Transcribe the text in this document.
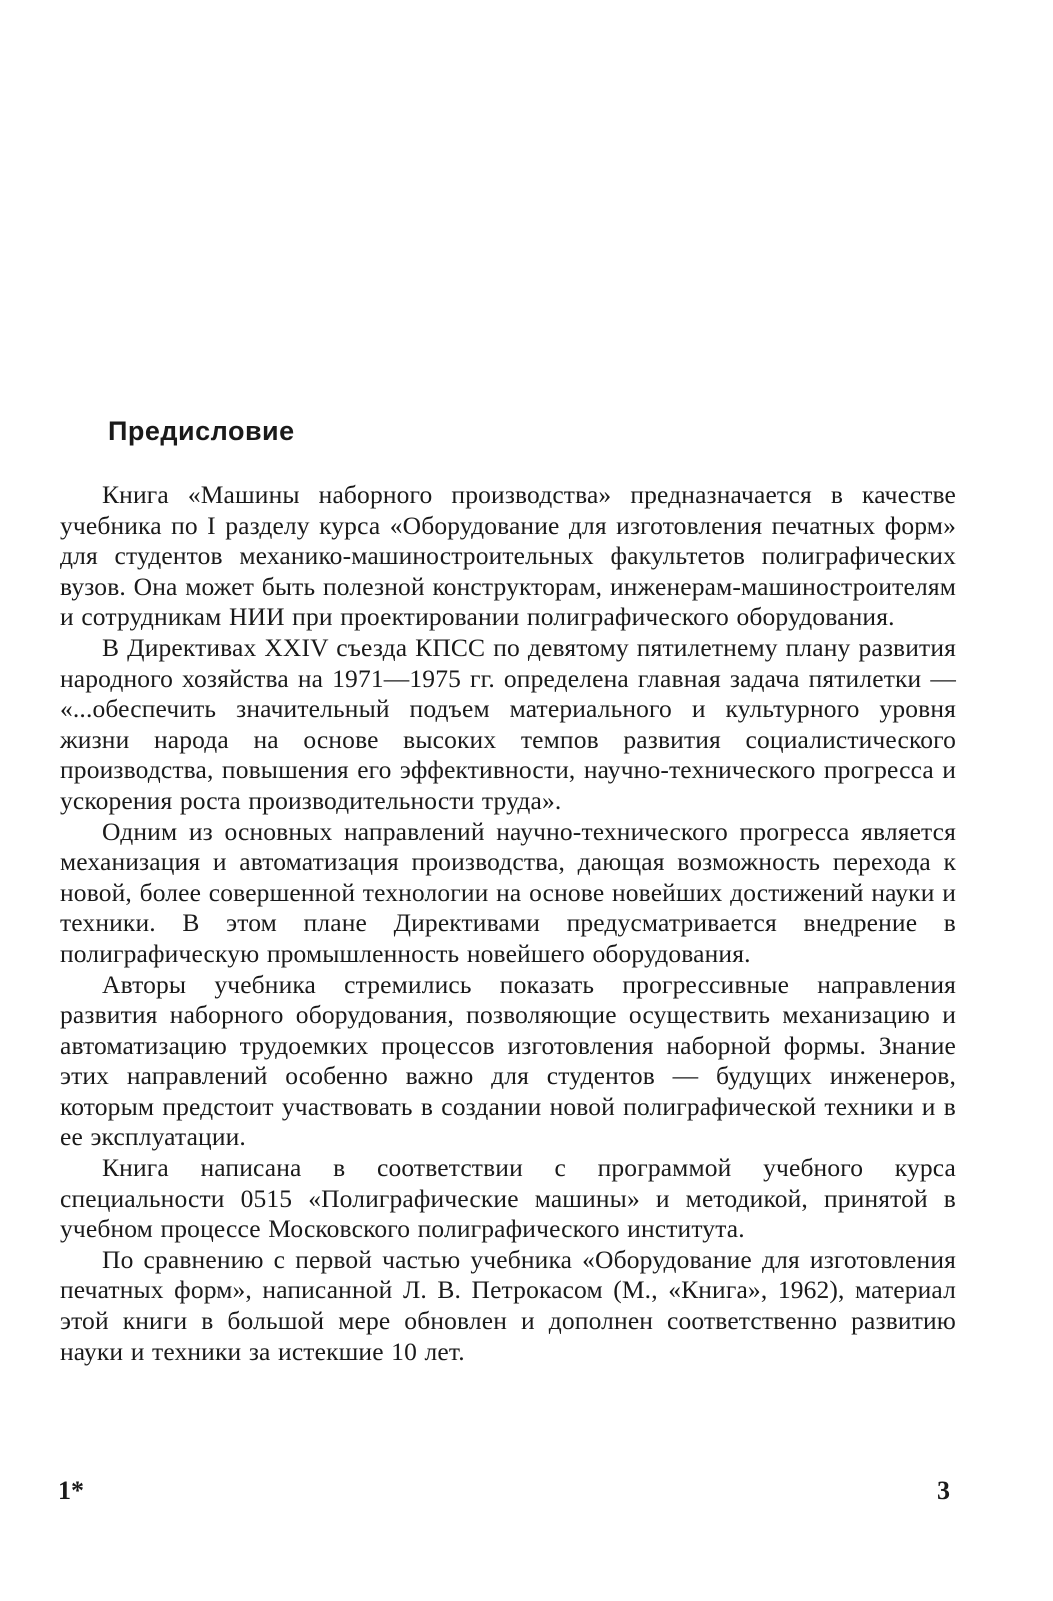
Предисловие

Книга «Машины наборного производства» предназначается в качестве учебника по I разделу курса «Оборудование для изготовления печатных форм» для студентов механико-машиностроительных факультетов полиграфических вузов. Она может быть полезной конструкторам, инженерам-машиностроителям и сотрудникам НИИ при проектировании полиграфического оборудования.

В Директивах XXIV съезда КПСС по девятому пятилетнему плану развития народного хозяйства на 1971—1975 гг. определена главная задача пятилетки — «...обеспечить значительный подъем материального и культурного уровня жизни народа на основе высоких темпов развития социалистического производства, повышения его эффективности, научно-технического прогресса и ускорения роста производительности труда».

Одним из основных направлений научно-технического прогресса является механизация и автоматизация производства, дающая возможность перехода к новой, более совершенной технологии на основе новейших достижений науки и техники. В этом плане Директивами предусматривается внедрение в полиграфическую промышленность новейшего оборудования.

Авторы учебника стремились показать прогрессивные направления развития наборного оборудования, позволяющие осуществить механизацию и автоматизацию трудоемких процессов изготовления наборной формы. Знание этих направлений особенно важно для студентов — будущих инженеров, которым предстоит участвовать в создании новой полиграфической техники и в ее эксплуатации.

Книга написана в соответствии с программой учебного курса специальности 0515 «Полиграфические машины» и методикой, принятой в учебном процессе Московского полиграфического института.

По сравнению с первой частью учебника «Оборудование для изготовления печатных форм», написанной Л. В. Петрокасом (М., «Книга», 1962), материал этой книги в большой мере обновлен и дополнен соответственно развитию науки и техники за истекшие 10 лет.

1*	3
